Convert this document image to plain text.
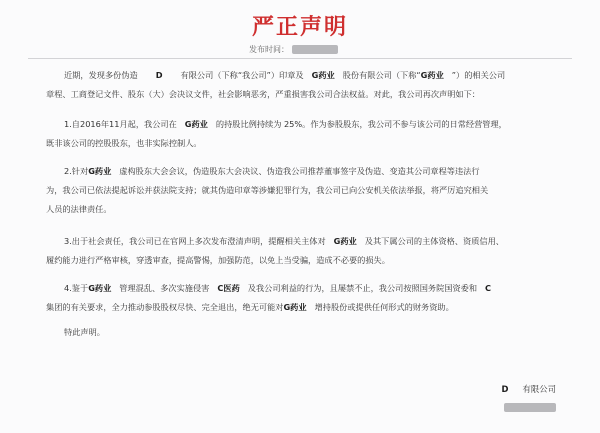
严正声明
发布时间：

近期，发现多份伪造 D 有限公司（下称“我公司”）印章及 G药业 股份有限公司（下称“G药业 ”）的相关公司

章程、工商登记文件、股东（大）会决议文件，社会影响恶劣，严重损害我公司合法权益。对此，我公司再次声明如下：

1.自2016年11月起，我公司在 G药业 的持股比例持续为 25%。作为参股股东，我公司不参与该公司的日常经营管理，

既非该公司的控股股东，也非实际控制人。

2.针对G药业 虚构股东大会会议，伪造股东大会决议、伪造我公司推荐董事签字及伪造、变造其公司章程等违法行

为，我公司已依法提起诉讼并获法院支持；就其伪造印章等涉嫌犯罪行为，我公司已向公安机关依法举报，将严厉追究相关

人员的法律责任。

3.出于社会责任，我公司已在官网上多次发布澄清声明，提醒相关主体对 G药业 及其下属公司的主体资格、资质信用、

履约能力进行严格审核，穿透审查，提高警惕，加强防范，以免上当受骗，造成不必要的损失。

4.鉴于G药业 管理混乱、多次实施侵害 C医药 及我公司利益的行为，且屡禁不止，我公司按照国务院国资委和 C

集团的有关要求，全力推动参股股权尽快、完全退出，绝无可能对G药业 增持股份或提供任何形式的财务资助。

特此声明。

D 有限公司
